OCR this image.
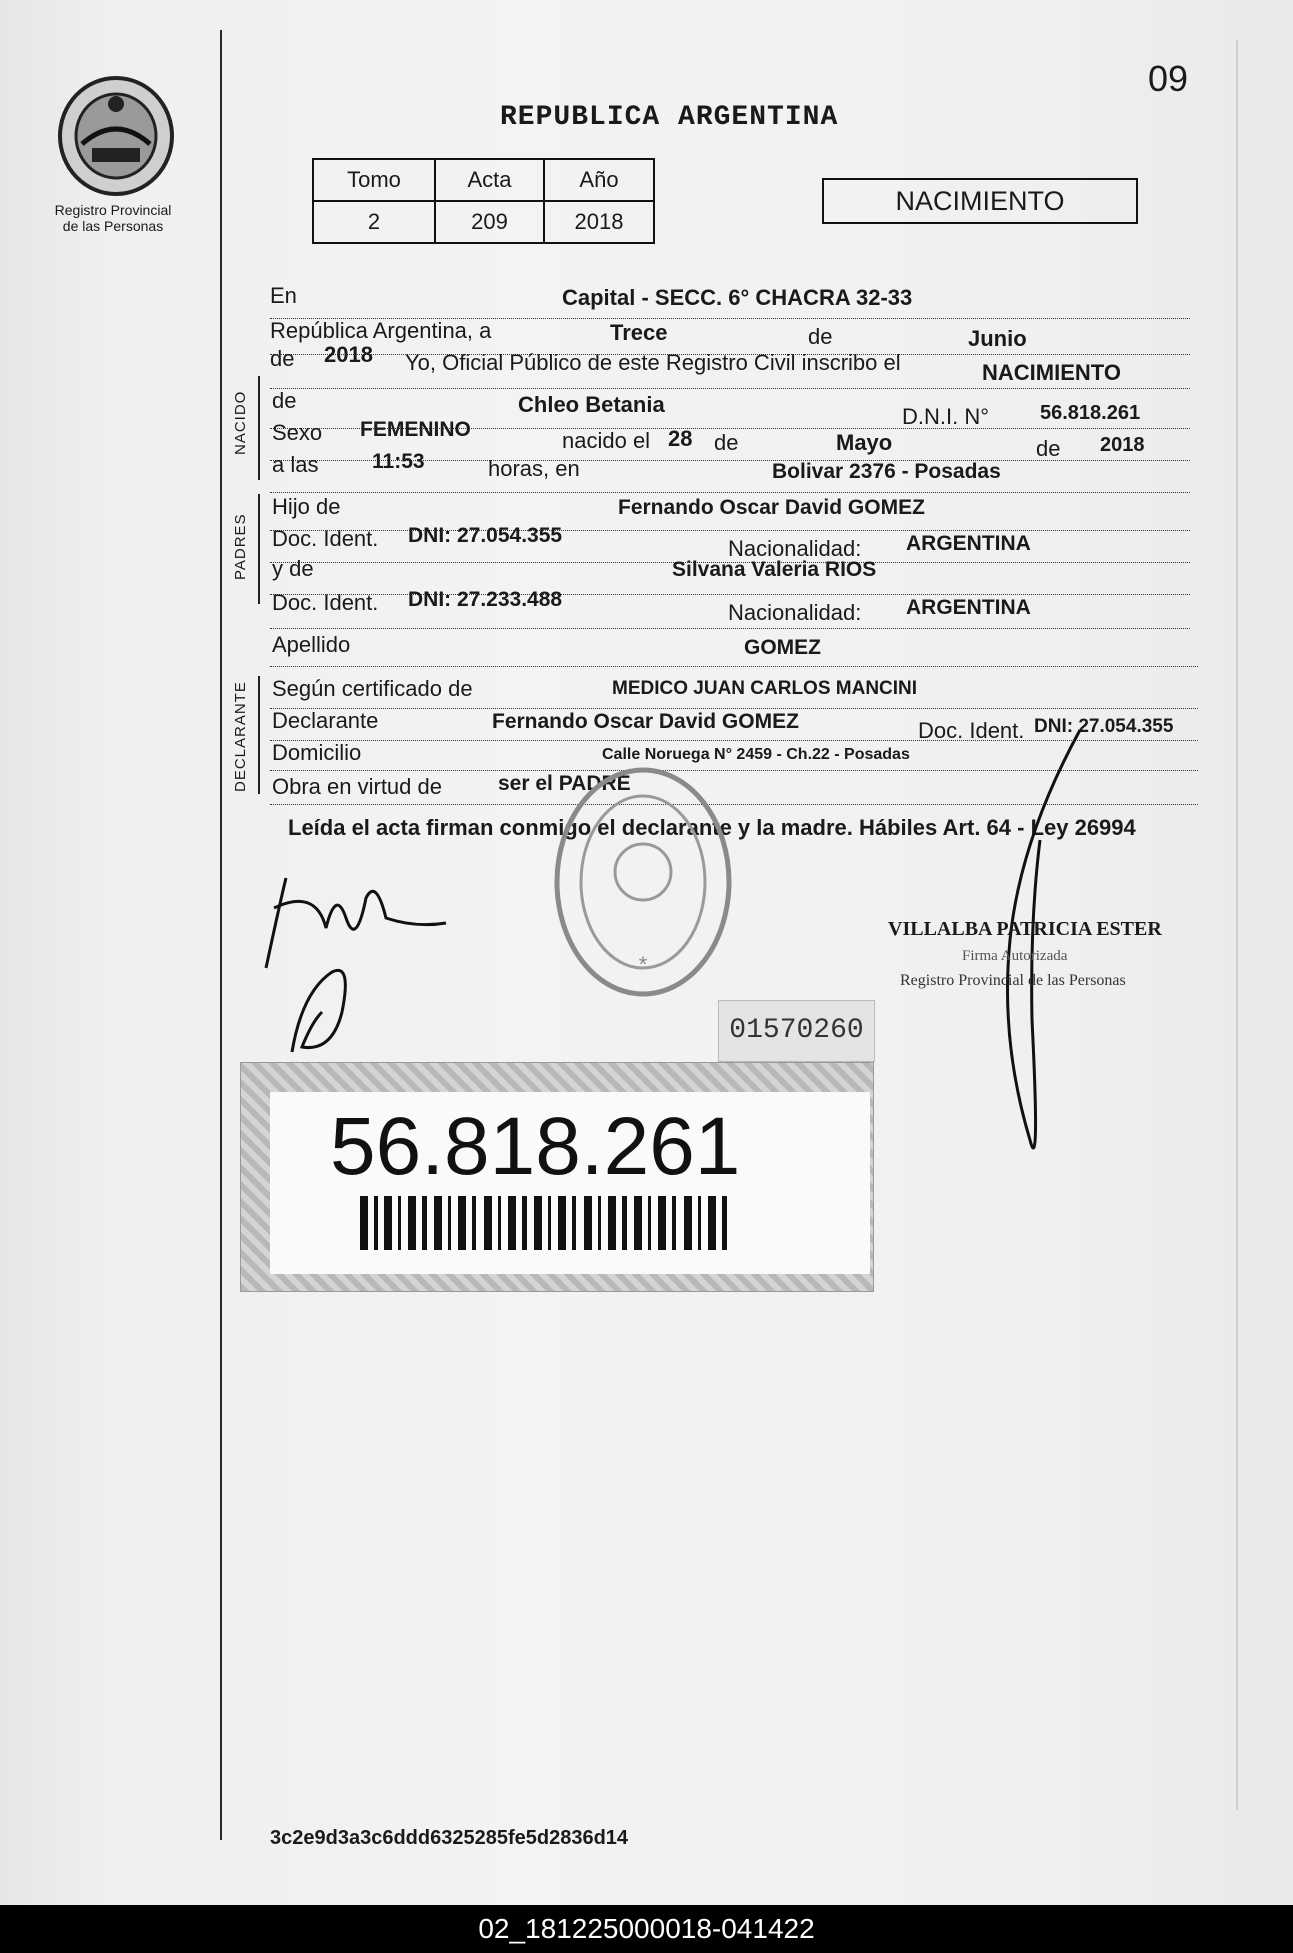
Registro Provincial
de las Personas
09
REPUBLICA ARGENTINA
Tomo	Acta	Año
2	209	2018
NACIMIENTO
En	Capital - SECC. 6° CHACRA 32-33
República Argentina, a	Trece	de	Junio
de 2018 Yo, Oficial Público de este Registro Civil inscribo el	NACIMIENTO
NACIDO de	Chleo Betania	D.N.I. N°	56.818.261
Sexo FEMENINO	nacido el 28 de	Mayo	de 2018
a las	11:53	horas, en	Bolivar 2376 - Posadas
PADRES
Hijo de	Fernando Oscar David GOMEZ
Doc. Ident. DNI: 27.054.355
Nacionalidad: ARGENTINA
y de	Silvana Valeria RIOS
Doc. Ident. DNI: 27.233.488
Nacionalidad: ARGENTINA
Apellido	GOMEZ
DECLARANTE Según certificado de	MEDICO JUAN CARLOS MANCINI
Declarante	Fernando Oscar David GOMEZ	Doc. Ident. DNI: 27.054.355
Domicilio	Calle Noruega N° 2459 - Ch.22 - Posadas
Obra en virtud de	ser el PADRE
Leída el acta firman conmigo el declarante y la madre. Hábiles Art. 64 - Ley 26994
*
VILLALBA PATRICIA ESTER
Firma Autorizada
Registro Provincial de las Personas
01570260
56.818.261
3c2e9d3a3c6ddd6325285fe5d2836d14
02_181225000018-041422
